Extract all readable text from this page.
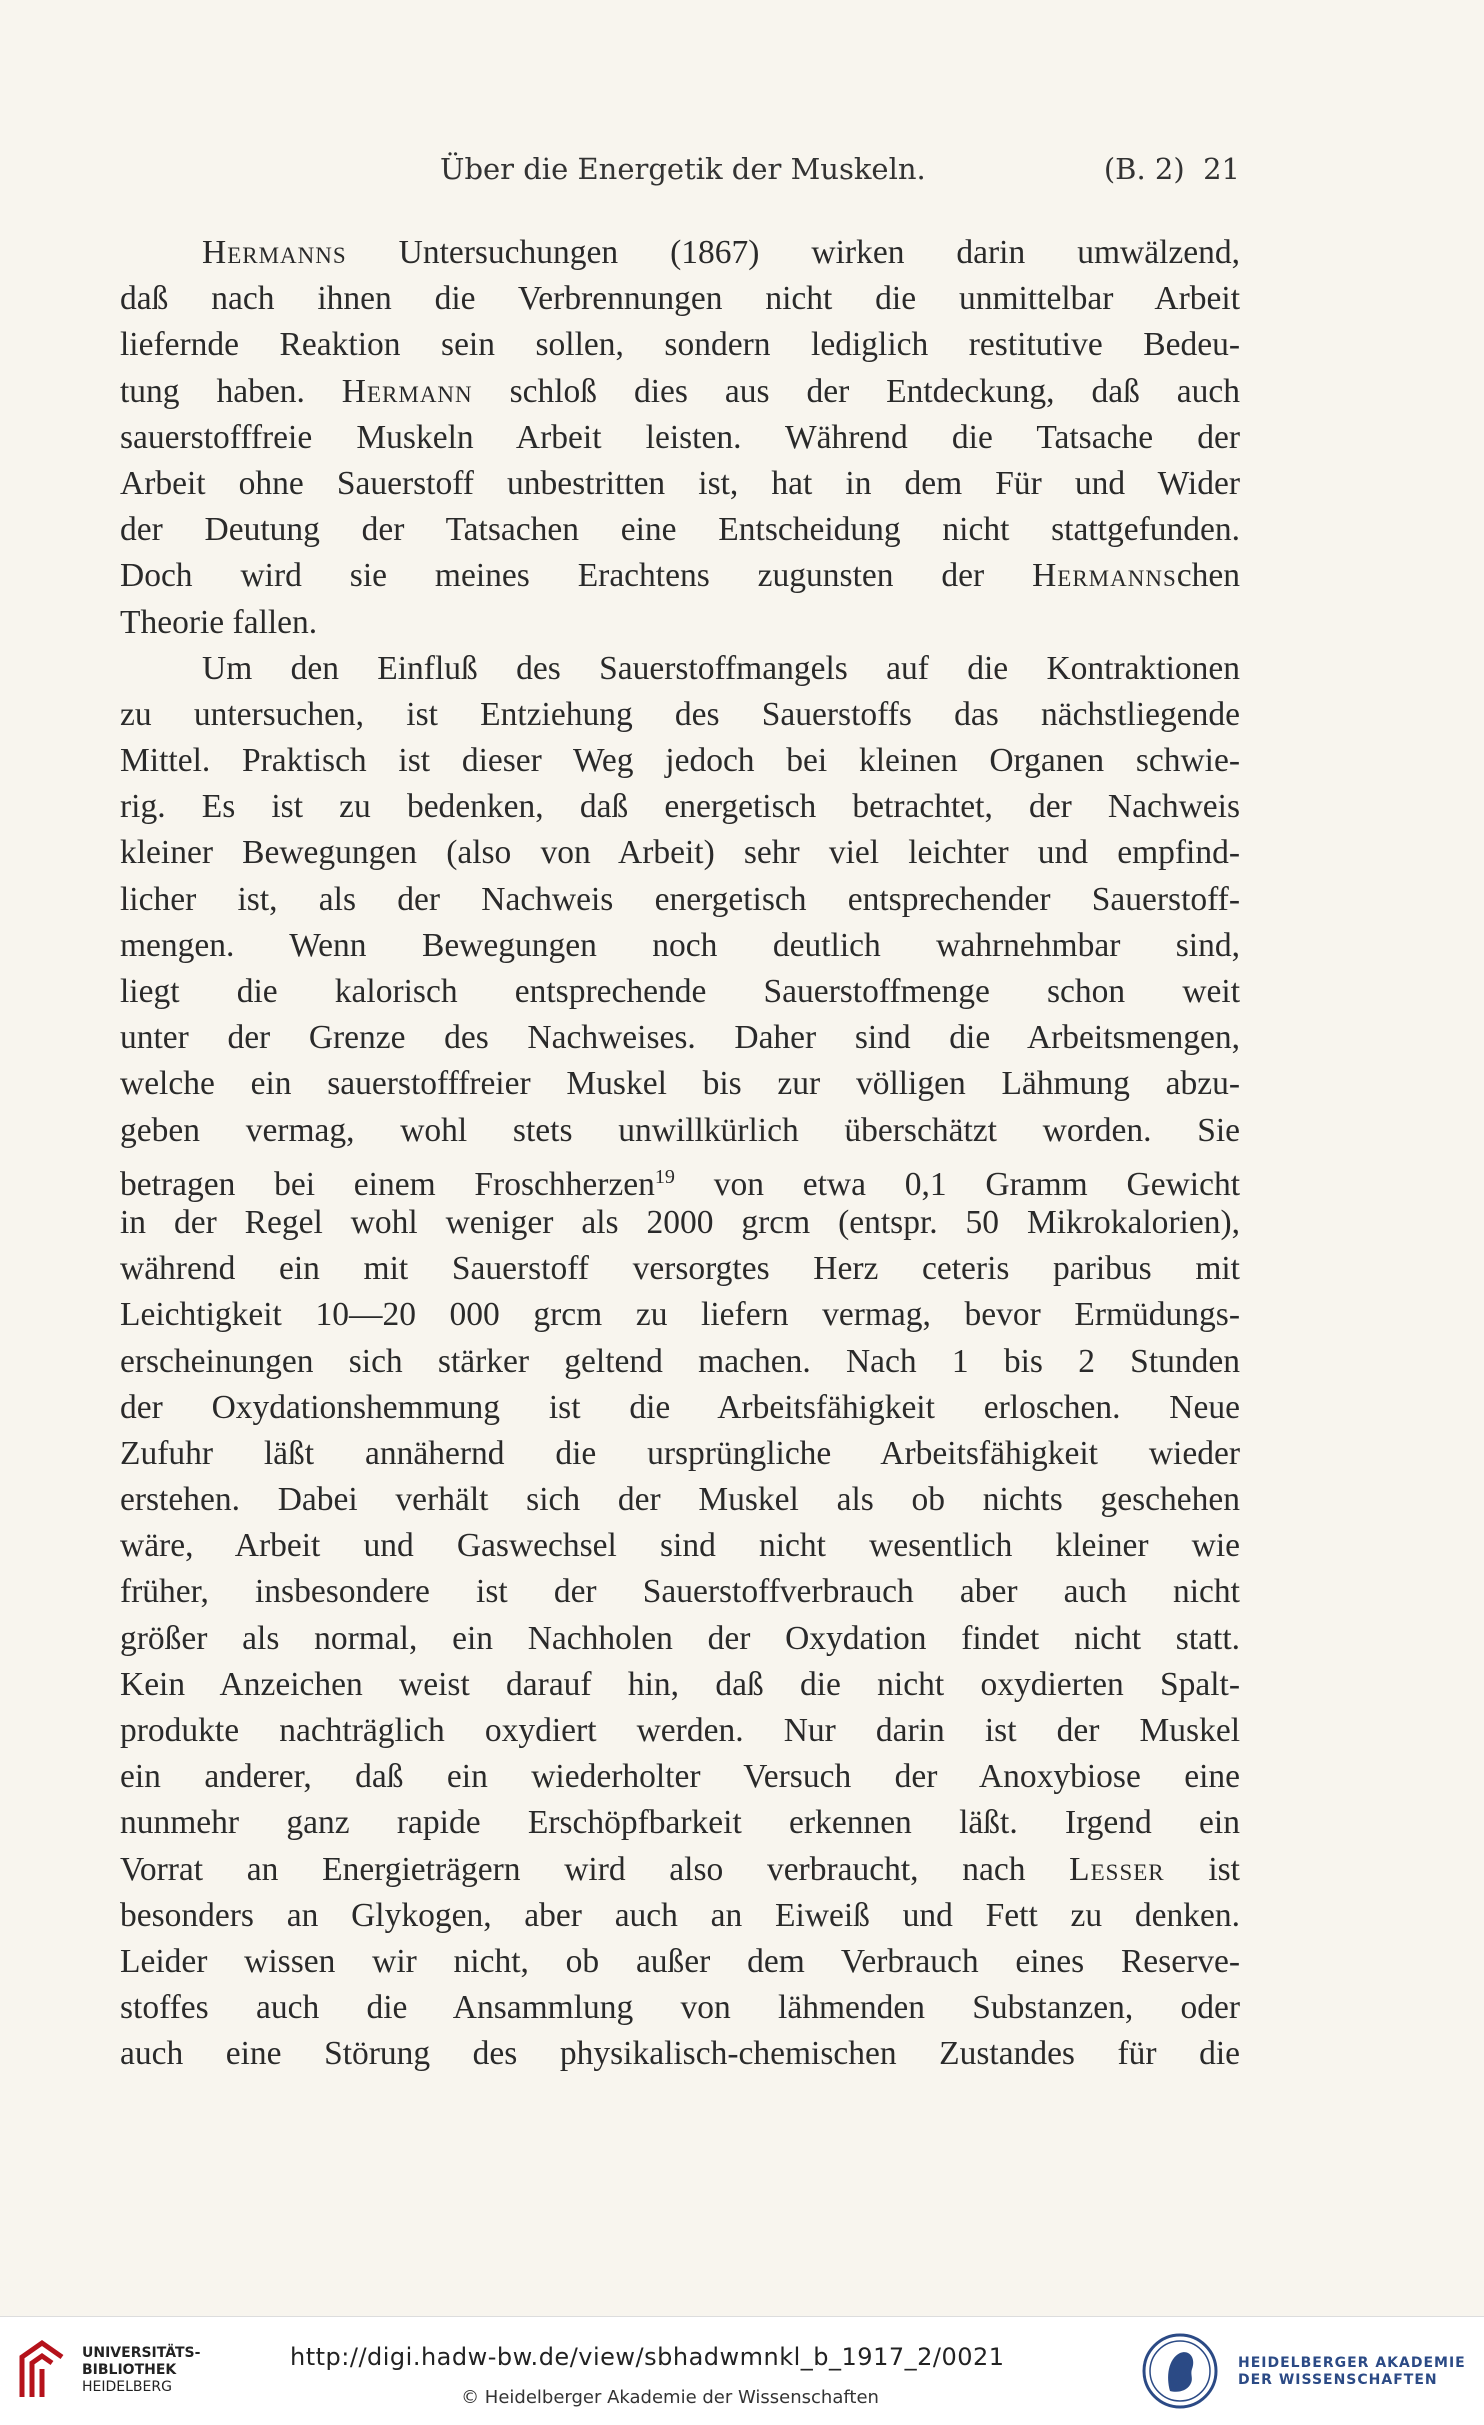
Über die Energetik der Muskeln.	(B. 2) 21
Hermanns Untersuchungen (1867) wirken darin umwälzend,
daß nach ihnen die Verbrennungen nicht die unmittelbar Arbeit
liefernde Reaktion sein sollen, sondern lediglich restitutive Bedeu-
tung haben. Hermann schloß dies aus der Entdeckung, daß auch
sauerstofffreie Muskeln Arbeit leisten. Während die Tatsache der
Arbeit ohne Sauerstoff unbestritten ist, hat in dem Für und Wider
der Deutung der Tatsachen eine Entscheidung nicht stattgefunden.
Doch wird sie meines Erachtens zugunsten der Hermannschen
Theorie fallen.
Um den Einfluß des Sauerstoffmangels auf die Kontraktionen
zu untersuchen, ist Entziehung des Sauerstoffs das nächstliegende
Mittel. Praktisch ist dieser Weg jedoch bei kleinen Organen schwie-
rig. Es ist zu bedenken, daß energetisch betrachtet, der Nachweis
kleiner Bewegungen (also von Arbeit) sehr viel leichter und empfind-
licher ist, als der Nachweis energetisch entsprechender Sauerstoff-
mengen. Wenn Bewegungen noch deutlich wahrnehmbar sind,
liegt die kalorisch entsprechende Sauerstoffmenge schon weit
unter der Grenze des Nachweises. Daher sind die Arbeitsmengen,
welche ein sauerstofffreier Muskel bis zur völligen Lähmung abzu-
geben vermag, wohl stets unwillkürlich überschätzt worden. Sie
betragen bei einem Froschherzen$^{19}$ von etwa 0,1 Gramm Gewicht
in der Regel wohl weniger als 2000 grcm (entspr. 50 Mikrokalorien),
während ein mit Sauerstoff versorgtes Herz ceteris paribus mit
Leichtigkeit 10—20 000 grcm zu liefern vermag, bevor Ermüdungs-
erscheinungen sich stärker geltend machen. Nach 1 bis 2 Stunden
der Oxydationshemmung ist die Arbeitsfähigkeit erloschen. Neue
Zufuhr läßt annähernd die ursprüngliche Arbeitsfähigkeit wieder
erstehen. Dabei verhält sich der Muskel als ob nichts geschehen
wäre, Arbeit und Gaswechsel sind nicht wesentlich kleiner wie
früher, insbesondere ist der Sauerstoffverbrauch aber auch nicht
größer als normal, ein Nachholen der Oxydation findet nicht statt.
Kein Anzeichen weist darauf hin, daß die nicht oxydierten Spalt-
produkte nachträglich oxydiert werden. Nur darin ist der Muskel
ein anderer, daß ein wiederholter Versuch der Anoxybiose eine
nunmehr ganz rapide Erschöpfbarkeit erkennen läßt. Irgend ein
Vorrat an Energieträgern wird also verbraucht, nach Lesser ist
besonders an Glykogen, aber auch an Eiweiß und Fett zu denken.
Leider wissen wir nicht, ob außer dem Verbrauch eines Reserve-
stoffes auch die Ansammlung von lähmenden Substanzen, oder
auch eine Störung des physikalisch-chemischen Zustandes für die
UNIVERSITÄTS-
BIBLIOTHEK
HEIDELBERG
http://digi.hadw-bw.de/view/sbhadwmnkl_b_1917_2/0021
© Heidelberger Akademie der Wissenschaften
HEIDELBERGER AKADEMIE
DER WISSENSCHAFTEN
